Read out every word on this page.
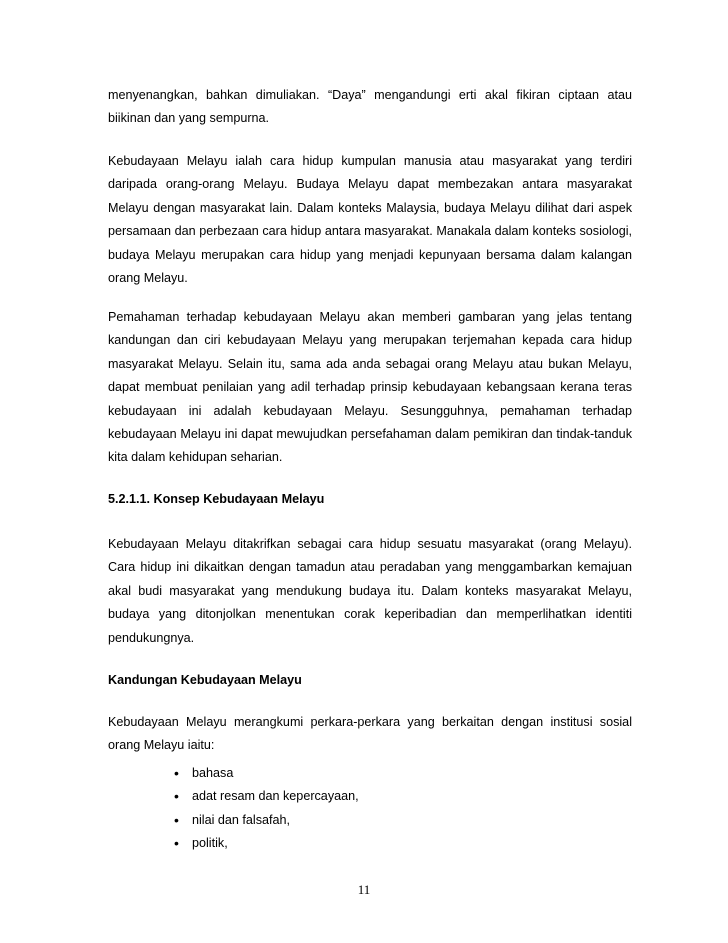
menyenangkan, bahkan dimuliakan. “Daya” mengandungi erti akal fikiran ciptaan atau biikinan dan yang sempurna.

Kebudayaan Melayu ialah cara hidup kumpulan manusia atau masyarakat yang terdiri daripada orang-orang Melayu. Budaya Melayu dapat membezakan antara masyarakat Melayu dengan masyarakat lain. Dalam konteks Malaysia, budaya Melayu dilihat dari aspek persamaan dan perbezaan cara hidup antara masyarakat. Manakala dalam konteks sosiologi, budaya Melayu merupakan cara hidup yang menjadi kepunyaan bersama dalam kalangan orang Melayu.

Pemahaman terhadap kebudayaan Melayu akan memberi gambaran yang jelas tentang kandungan dan ciri kebudayaan Melayu yang merupakan terjemahan kepada cara hidup masyarakat Melayu. Selain itu, sama ada anda sebagai orang Melayu atau bukan Melayu, dapat membuat penilaian yang adil terhadap prinsip kebudayaan kebangsaan kerana teras kebudayaan ini adalah kebudayaan Melayu. Sesungguhnya, pemahaman terhadap kebudayaan Melayu ini dapat mewujudkan persefahaman dalam pemikiran dan tindak-tanduk kita dalam kehidupan seharian.

5.2.1.1. Konsep Kebudayaan Melayu

Kebudayaan Melayu ditakrifkan sebagai cara hidup sesuatu masyarakat (orang Melayu). Cara hidup ini dikaitkan dengan tamadun atau peradaban yang menggambarkan kemajuan akal budi masyarakat yang mendukung budaya itu. Dalam konteks masyarakat Melayu, budaya yang ditonjolkan menentukan corak keperibadian dan memperlihatkan identiti pendukungnya.

Kandungan Kebudayaan Melayu

Kebudayaan Melayu merangkumi perkara-perkara yang berkaitan dengan institusi sosial orang Melayu iaitu:

• bahasa
• adat resam dan kepercayaan,
• nilai dan falsafah,
• politik,
11
